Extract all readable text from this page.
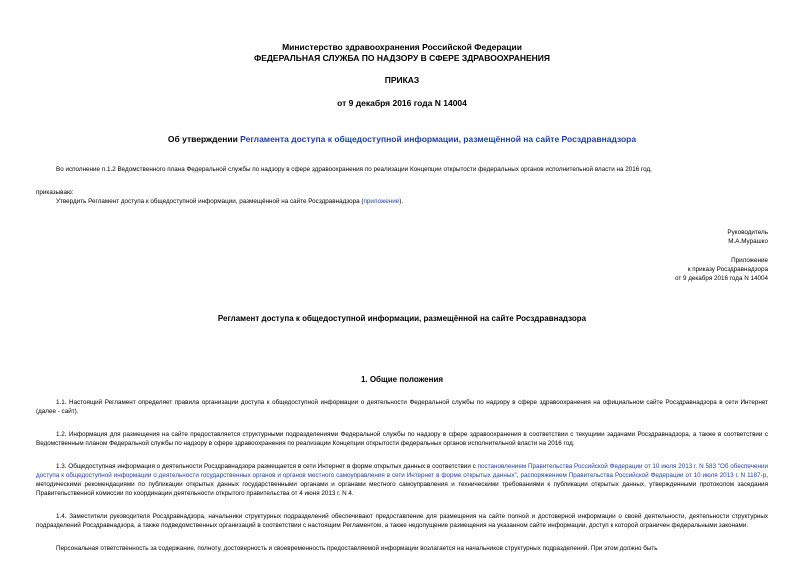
Министерство здравоохранения Российской Федерации
ФЕДЕРАЛЬНАЯ СЛУЖБА ПО НАДЗОРУ В СФЕРЕ ЗДРАВООХРАНЕНИЯ
ПРИКАЗ
от 9 декабря 2016 года N 14004
Об утверждении Регламента доступа к общедоступной информации, размещённой на сайте Росздравнадзора

Во исполнение п.1.2 Ведомственного плана Федеральной службы по надзору в сфере здравоохранения по реализации Концепции открытости федеральных органов исполнительной власти на 2016 год,

приказываю:

Утвердить Регламент доступа к общедоступной информации, размещённой на сайте Росздравнадзора (приложение).

Руководитель
М.А.Мурашко
Приложение
к приказу Росздравнадзора
от 9 декабря 2016 года N 14004
Регламент доступа к общедоступной информации, размещённой на сайте Росздравнадзора
1. Общие положения

1.1. Настоящий Регламент определяет правила организации доступа к общедоступной информации о деятельности Федеральной службы по надзору в сфере здравоохранения на официальном сайте Росздравнадзора в сети Интернет (далее - сайт).

1.2. Информация для размещения на сайте предоставляется структурными подразделениями Федеральной службы по надзору в сфере здравоохранения в соответствии с текущими задачами Росздравнадзора, а также в соответствии с Ведомственным планом Федеральной службы по надзору в сфере здравоохранения по реализации Концепции открытости федеральных органов исполнительной власти на 2016 год.

1.3. Общедоступная информация о деятельности Росздравнадзора размещается в сети Интернет в форме открытых данных в соответствии с постановлением Правительства Российской Федерации от 10 июля 2013 г. N 583 "Об обеспечении доступа к общедоступной информации о деятельности государственных органов и органов местного самоуправления в сети Интернет в форме открытых данных", распоряжением Правительства Российской Федерации от 10 июля 2013 г. N 1187-р, методическими рекомендациями по публикации открытых данных государственными органами и органами местного самоуправления и техническими требованиями к публикации открытых данных, утвержденными протоколом заседания Правительственной комиссии по координации деятельности открытого правительства от 4 июня 2013 г. N 4.

1.4. Заместители руководителя Росздравнадзора, начальники структурных подразделений обеспечивают предоставление для размещения на сайте полной и достоверной информации о своей деятельности, деятельности структурных подразделений Росздравнадзора, а также подведомственных организаций в соответствии с настоящим Регламентом, а также недопущение размещения на указанном сайте информации, доступ к которой ограничен федеральными законами.

Персональная ответственность за содержание, полноту, достоверность и своевременность предоставляемой информации возлагается на начальников структурных подразделений. При этом должно быть
